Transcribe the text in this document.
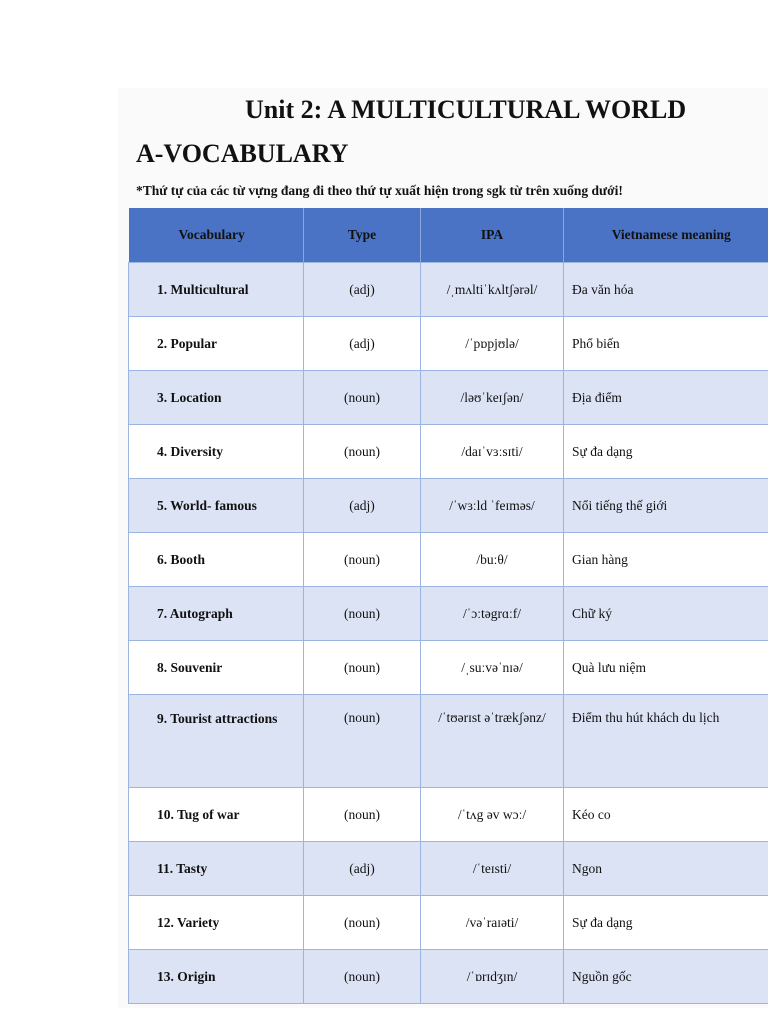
Unit 2: A MULTICULTURAL WORLD
A-VOCABULARY

*Thứ tự của các từ vựng đang đi theo thứ tự xuất hiện trong sgk từ trên xuống dưới!

Vocabulary	Type	IPA	Vietnamese meaning
1. Multicultural	(adj)	/ˌmʌltiˈkʌltʃərəl/	Đa văn hóa
2. Popular	(adj)	/ˈpɒpjʊlə/	Phổ biến
3. Location	(noun)	/ləʊˈkeɪʃən/	Địa điểm
4. Diversity	(noun)	/daɪˈvɜːsɪti/	Sự đa dạng
5. World- famous	(adj)	/ˈwɜːld ˈfeɪməs/	Nổi tiếng thế giới
6. Booth	(noun)	/buːθ/	Gian hàng
7. Autograph	(noun)	/ˈɔːtəgrɑːf/	Chữ ký
8. Souvenir	(noun)	/ˌsuːvəˈnɪə/	Quà lưu niệm
9. Tourist attractions	(noun)	/ˈtʊərɪst əˈtrækʃənz/	Điểm thu hút khách du lịch
10. Tug of war	(noun)	/ˈtʌg əv wɔː/	Kéo co
11. Tasty	(adj)	/ˈteɪsti/	Ngon
12. Variety	(noun)	/vəˈraɪəti/	Sự đa dạng
13. Origin	(noun)	/ˈɒrɪdʒɪn/	Nguồn gốc
